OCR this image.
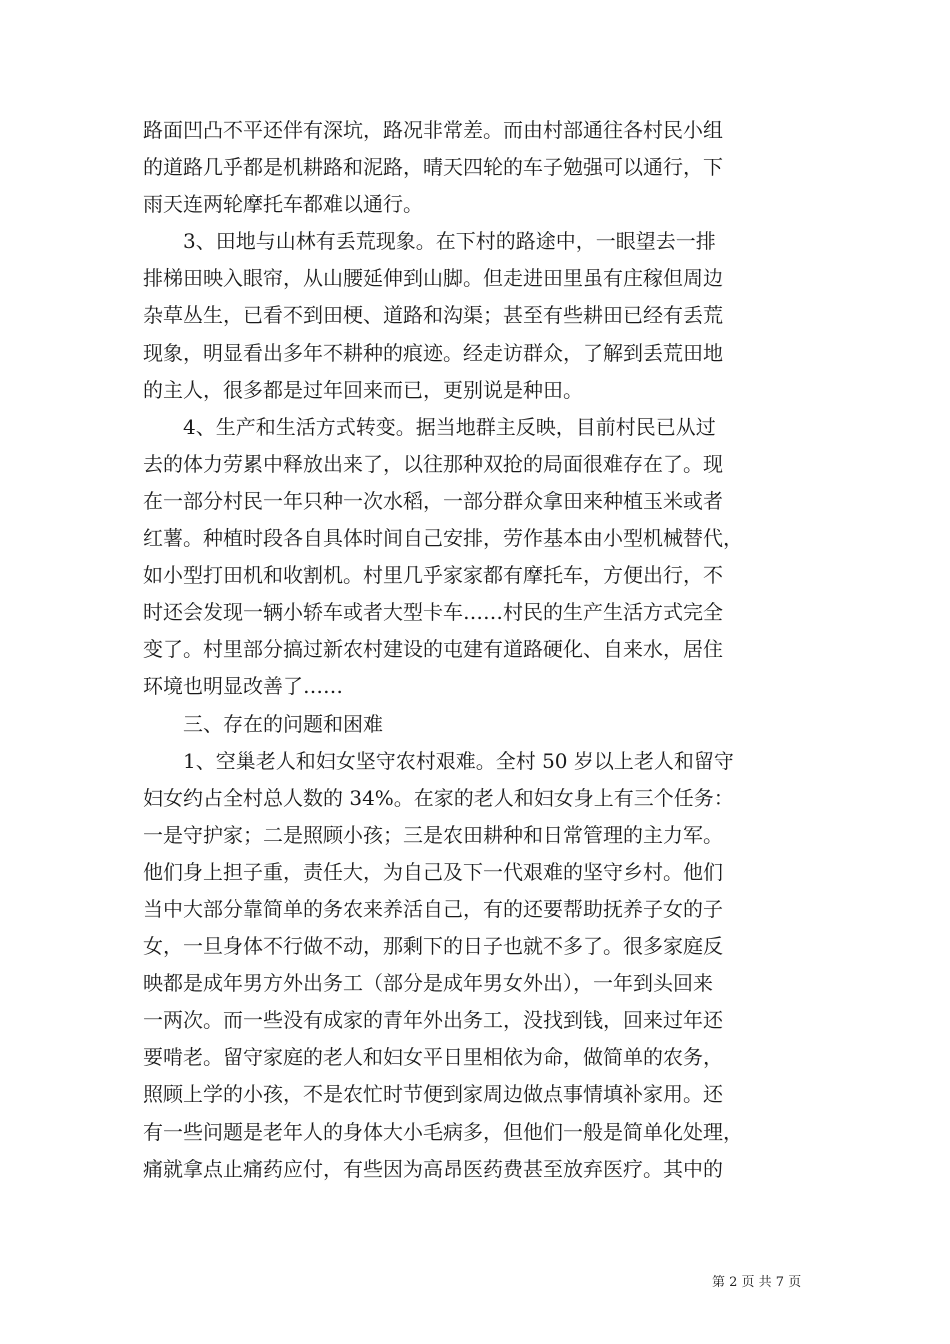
路面凹凸不平还伴有深坑，路况非常差。而由村部通往各村民小组
的道路几乎都是机耕路和泥路，晴天四轮的车子勉强可以通行，下
雨天连两轮摩托车都难以通行。
　　3、田地与山林有丢荒现象。在下村的路途中，一眼望去一排
排梯田映入眼帘，从山腰延伸到山脚。但走进田里虽有庄稼但周边
杂草丛生，已看不到田梗、道路和沟渠；甚至有些耕田已经有丢荒
现象，明显看出多年不耕种的痕迹。经走访群众，了解到丢荒田地
的主人，很多都是过年回来而已，更别说是种田。
　　4、生产和生活方式转变。据当地群主反映，目前村民已从过
去的体力劳累中释放出来了，以往那种双抢的局面很难存在了。现
在一部分村民一年只种一次水稻，一部分群众拿田来种植玉米或者
红薯。种植时段各自具体时间自己安排，劳作基本由小型机械替代，
如小型打田机和收割机。村里几乎家家都有摩托车，方便出行，不
时还会发现一辆小轿车或者大型卡车……村民的生产生活方式完全
变了。村里部分搞过新农村建设的屯建有道路硬化、自来水，居住
环境也明显改善了……
　　三、存在的问题和困难
　　1、空巢老人和妇女坚守农村艰难。全村 50 岁以上老人和留守
妇女约占全村总人数的 34%。在家的老人和妇女身上有三个任务：
一是守护家；二是照顾小孩；三是农田耕种和日常管理的主力军。
他们身上担子重，责任大，为自己及下一代艰难的坚守乡村。他们
当中大部分靠简单的务农来养活自己，有的还要帮助抚养子女的子
女，一旦身体不行做不动，那剩下的日子也就不多了。很多家庭反
映都是成年男方外出务工（部分是成年男女外出），一年到头回来
一两次。而一些没有成家的青年外出务工，没找到钱，回来过年还
要啃老。留守家庭的老人和妇女平日里相依为命，做简单的农务，
照顾上学的小孩，不是农忙时节便到家周边做点事情填补家用。还
有一些问题是老年人的身体大小毛病多，但他们一般是简单化处理，
痛就拿点止痛药应付，有些因为高昂医药费甚至放弃医疗。其中的
第 2 页 共 7 页
